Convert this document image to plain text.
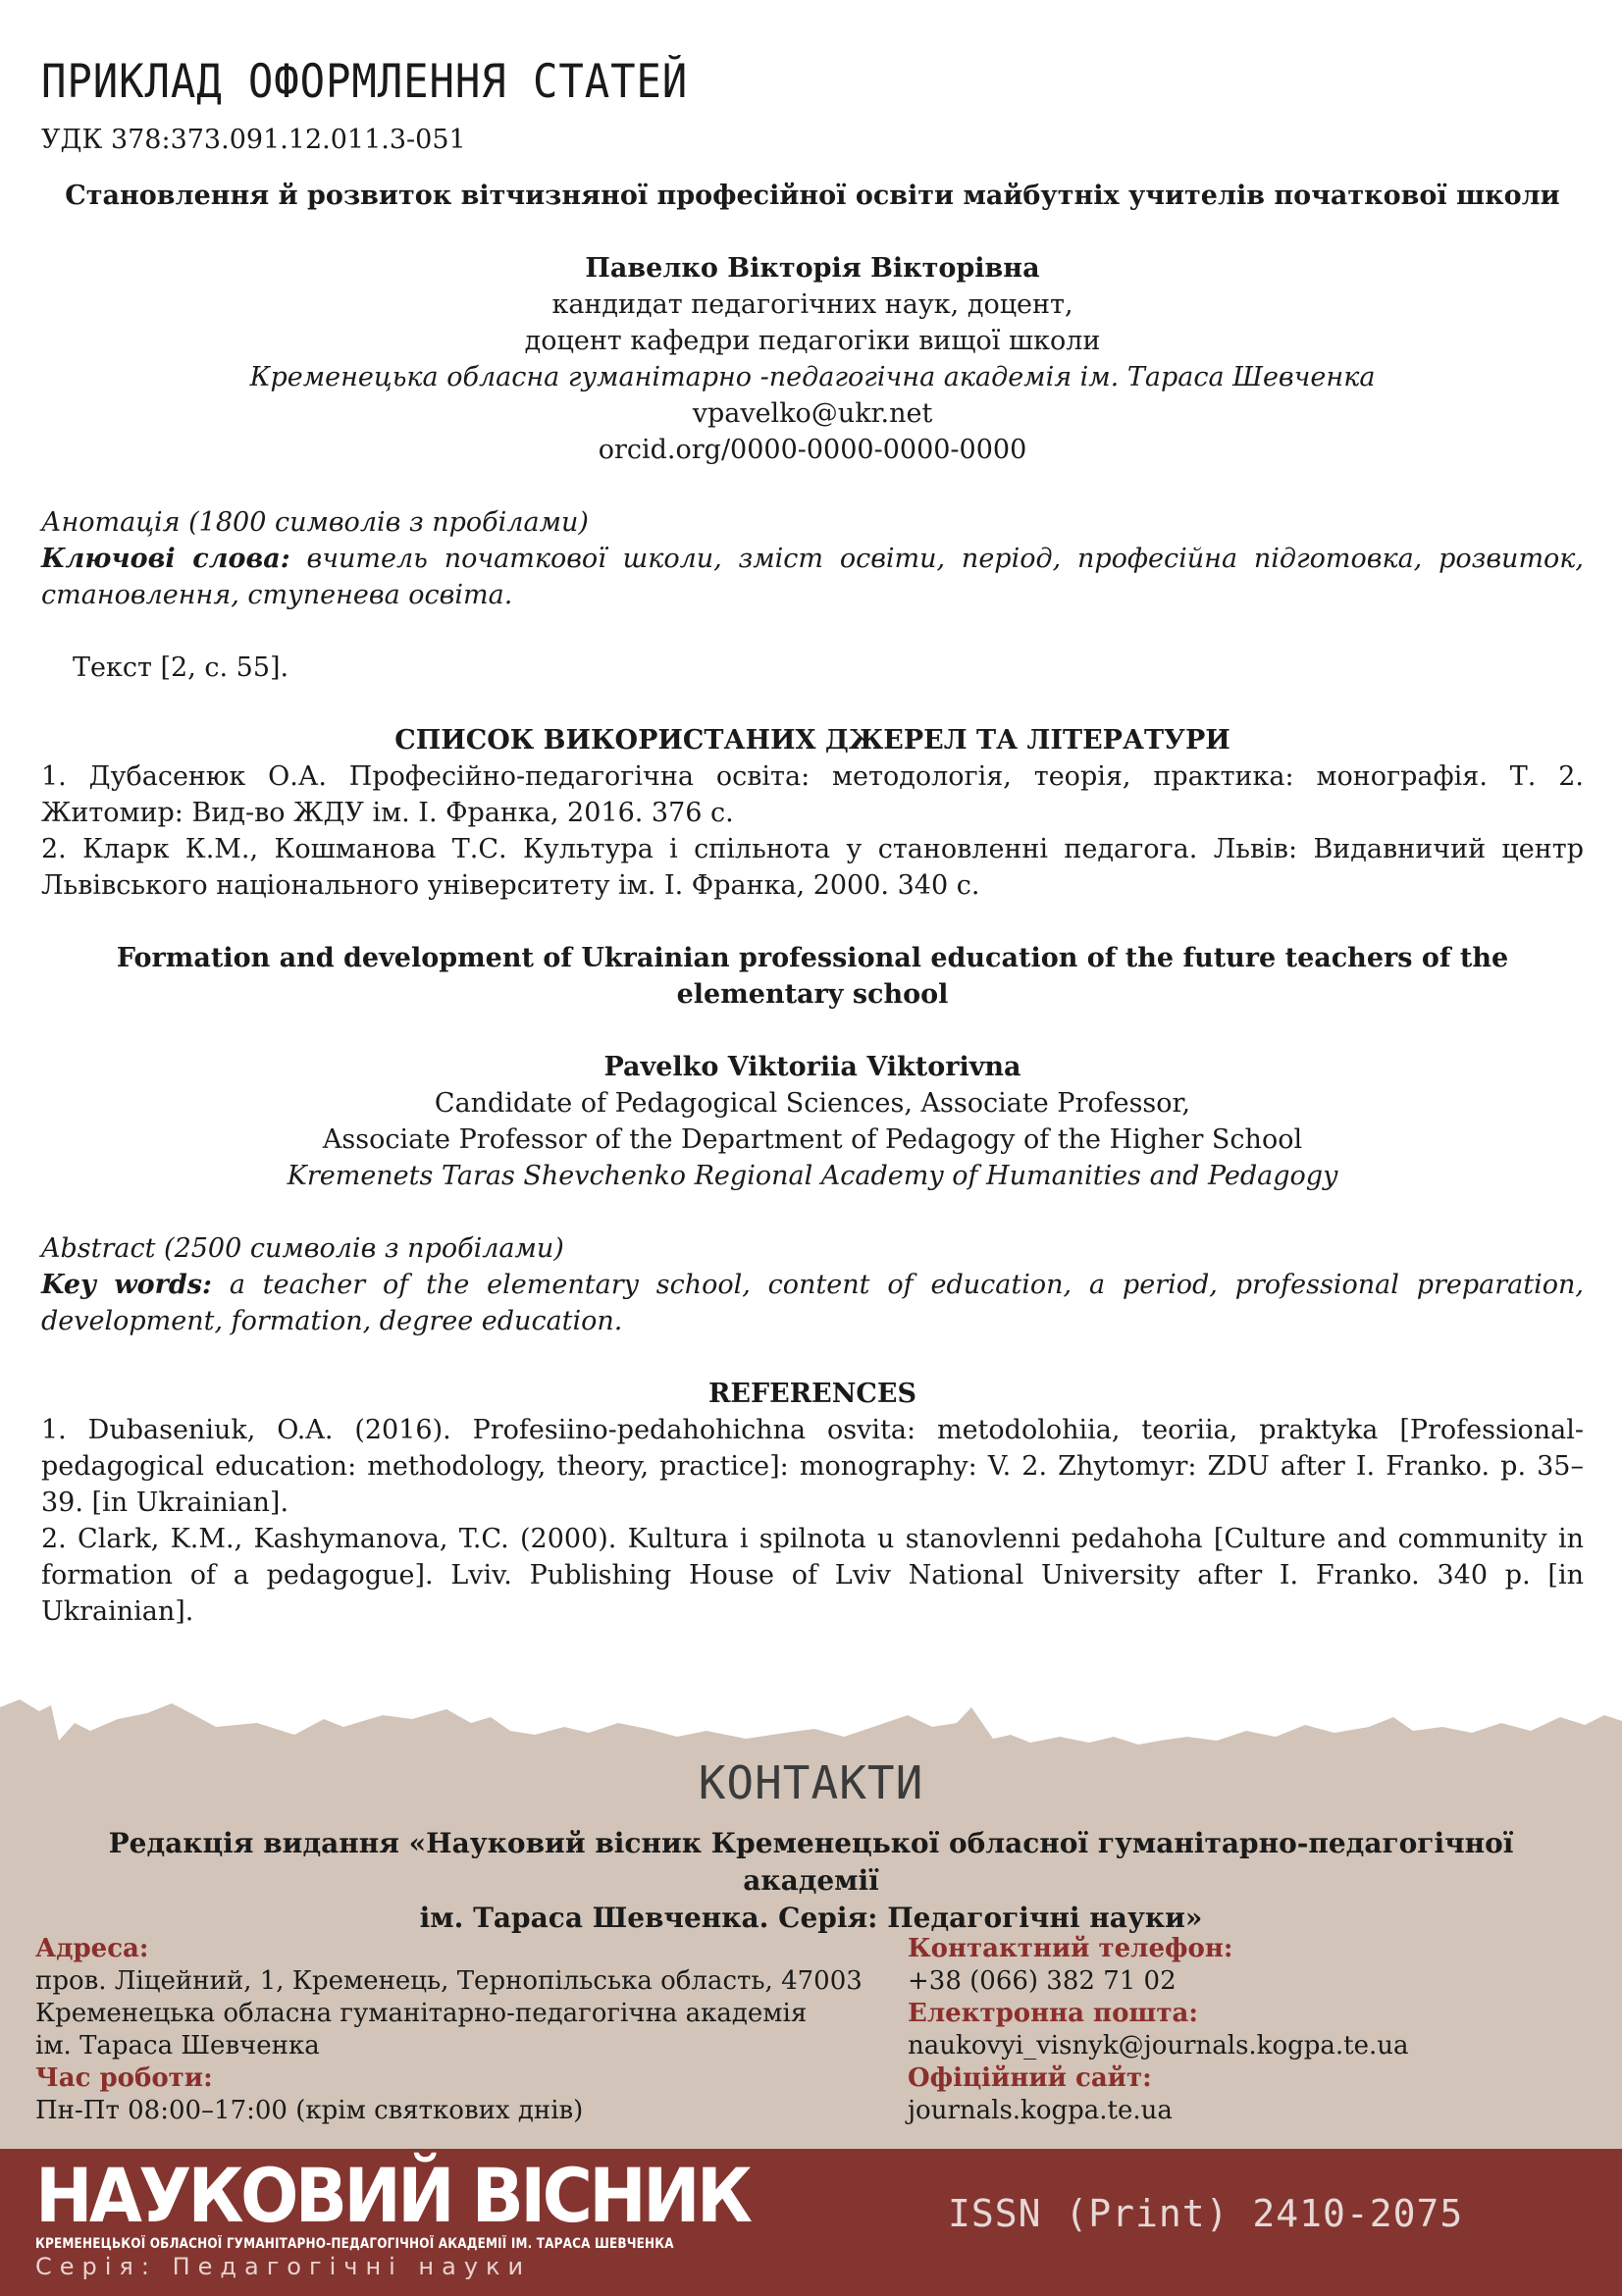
ПРИКЛАД ОФОРМЛЕННЯ СТАТЕЙ

УДК 378:373.091.12.011.3-051

Становлення й розвиток вітчизняної професійної освіти майбутніх учителів початкової школи

Павелко Вікторія Вікторівна

кандидат педагогічних наук, доцент,

доцент кафедри педагогіки вищої школи

Кременецька обласна гуманітарно -педагогічна академія ім. Тараса Шевченка

vpavelko@ukr.net

orcid.org/0000-0000-0000-0000

Анотація (1800 символів з пробілами)

Ключові слова: вчитель початкової школи, зміст освіти, період, професійна підготовка, розвиток, становлення, ступенева освіта.

Текст [2, с. 55].

СПИСОК ВИКОРИСТАНИХ ДЖЕРЕЛ ТА ЛІТЕРАТУРИ

1. Дубасенюк О.А. Професійно-педагогічна освіта: методологія, теорія, практика: монографія. Т. 2. Житомир: Вид-во ЖДУ ім. І. Франка, 2016. 376 с.

2. Кларк К.М., Кошманова Т.С. Культура і спільнота у становленні педагога. Львів: Видавничий центр Львівського національного університету ім. І. Франка, 2000. 340 с.

Formation and development of Ukrainian professional education of the future teachers of the elementary school

Pavelko Viktoriia Viktorivna

Candidate of Pedagogical Sciences, Associate Professor,

Associate Professor of the Department of Pedagogy of the Higher School

Kremenets Taras Shevchenko Regional Academy of Humanities and Pedagogy

Abstract (2500 символів з пробілами)

Key words: a teacher of the elementary school, content of education, a period, professional preparation, development, formation, degree education.

REFERENCES

1. Dubaseniuk, O.A. (2016). Profesiino-pedahohichna osvita: metodolohiia, teoriia, praktyka [Professional-pedagogical education: methodology, theory, practice]: monography: V. 2. Zhytomyr: ZDU after I. Franko. p. 35–39. [in Ukrainian].

2. Clark, K.M., Kashymanova, T.C. (2000). Kultura i spilnota u stanovlenni pedahoha [Culture and community in formation of a pedagogue]. Lviv. Publishing House of Lviv National University after I. Franko. 340 p. [in Ukrainian].

КОНТАКТИ
Редакція видання «Науковий вісник Кременецької обласної гуманітарно-педагогічної академії
ім. Тараса Шевченка. Серія: Педагогічні науки»
Адреса:
пров. Ліцейний, 1, Кременець, Тернопільська область, 47003
Кременецька обласна гуманітарно-педагогічна академія
ім. Тараса Шевченка
Час роботи:
Пн-Пт 08:00–17:00 (крім святкових днів)
Контактний телефон:
+38 (066) 382 71 02
Електронна пошта:
naukovyi_visnyk@journals.kogpa.te.ua
Офіційний сайт:
journals.kogpa.te.ua
НАУКОВИЙ ВІСНИК
КРЕМЕНЕЦЬКОЇ ОБЛАСНОЇ ГУМАНІТАРНО-ПЕДАГОГІЧНОЇ АКАДЕМІЇ ІМ. ТАРАСА ШЕВЧЕНКА
Серія: Педагогічні науки
ISSN (Print) 2410-2075
